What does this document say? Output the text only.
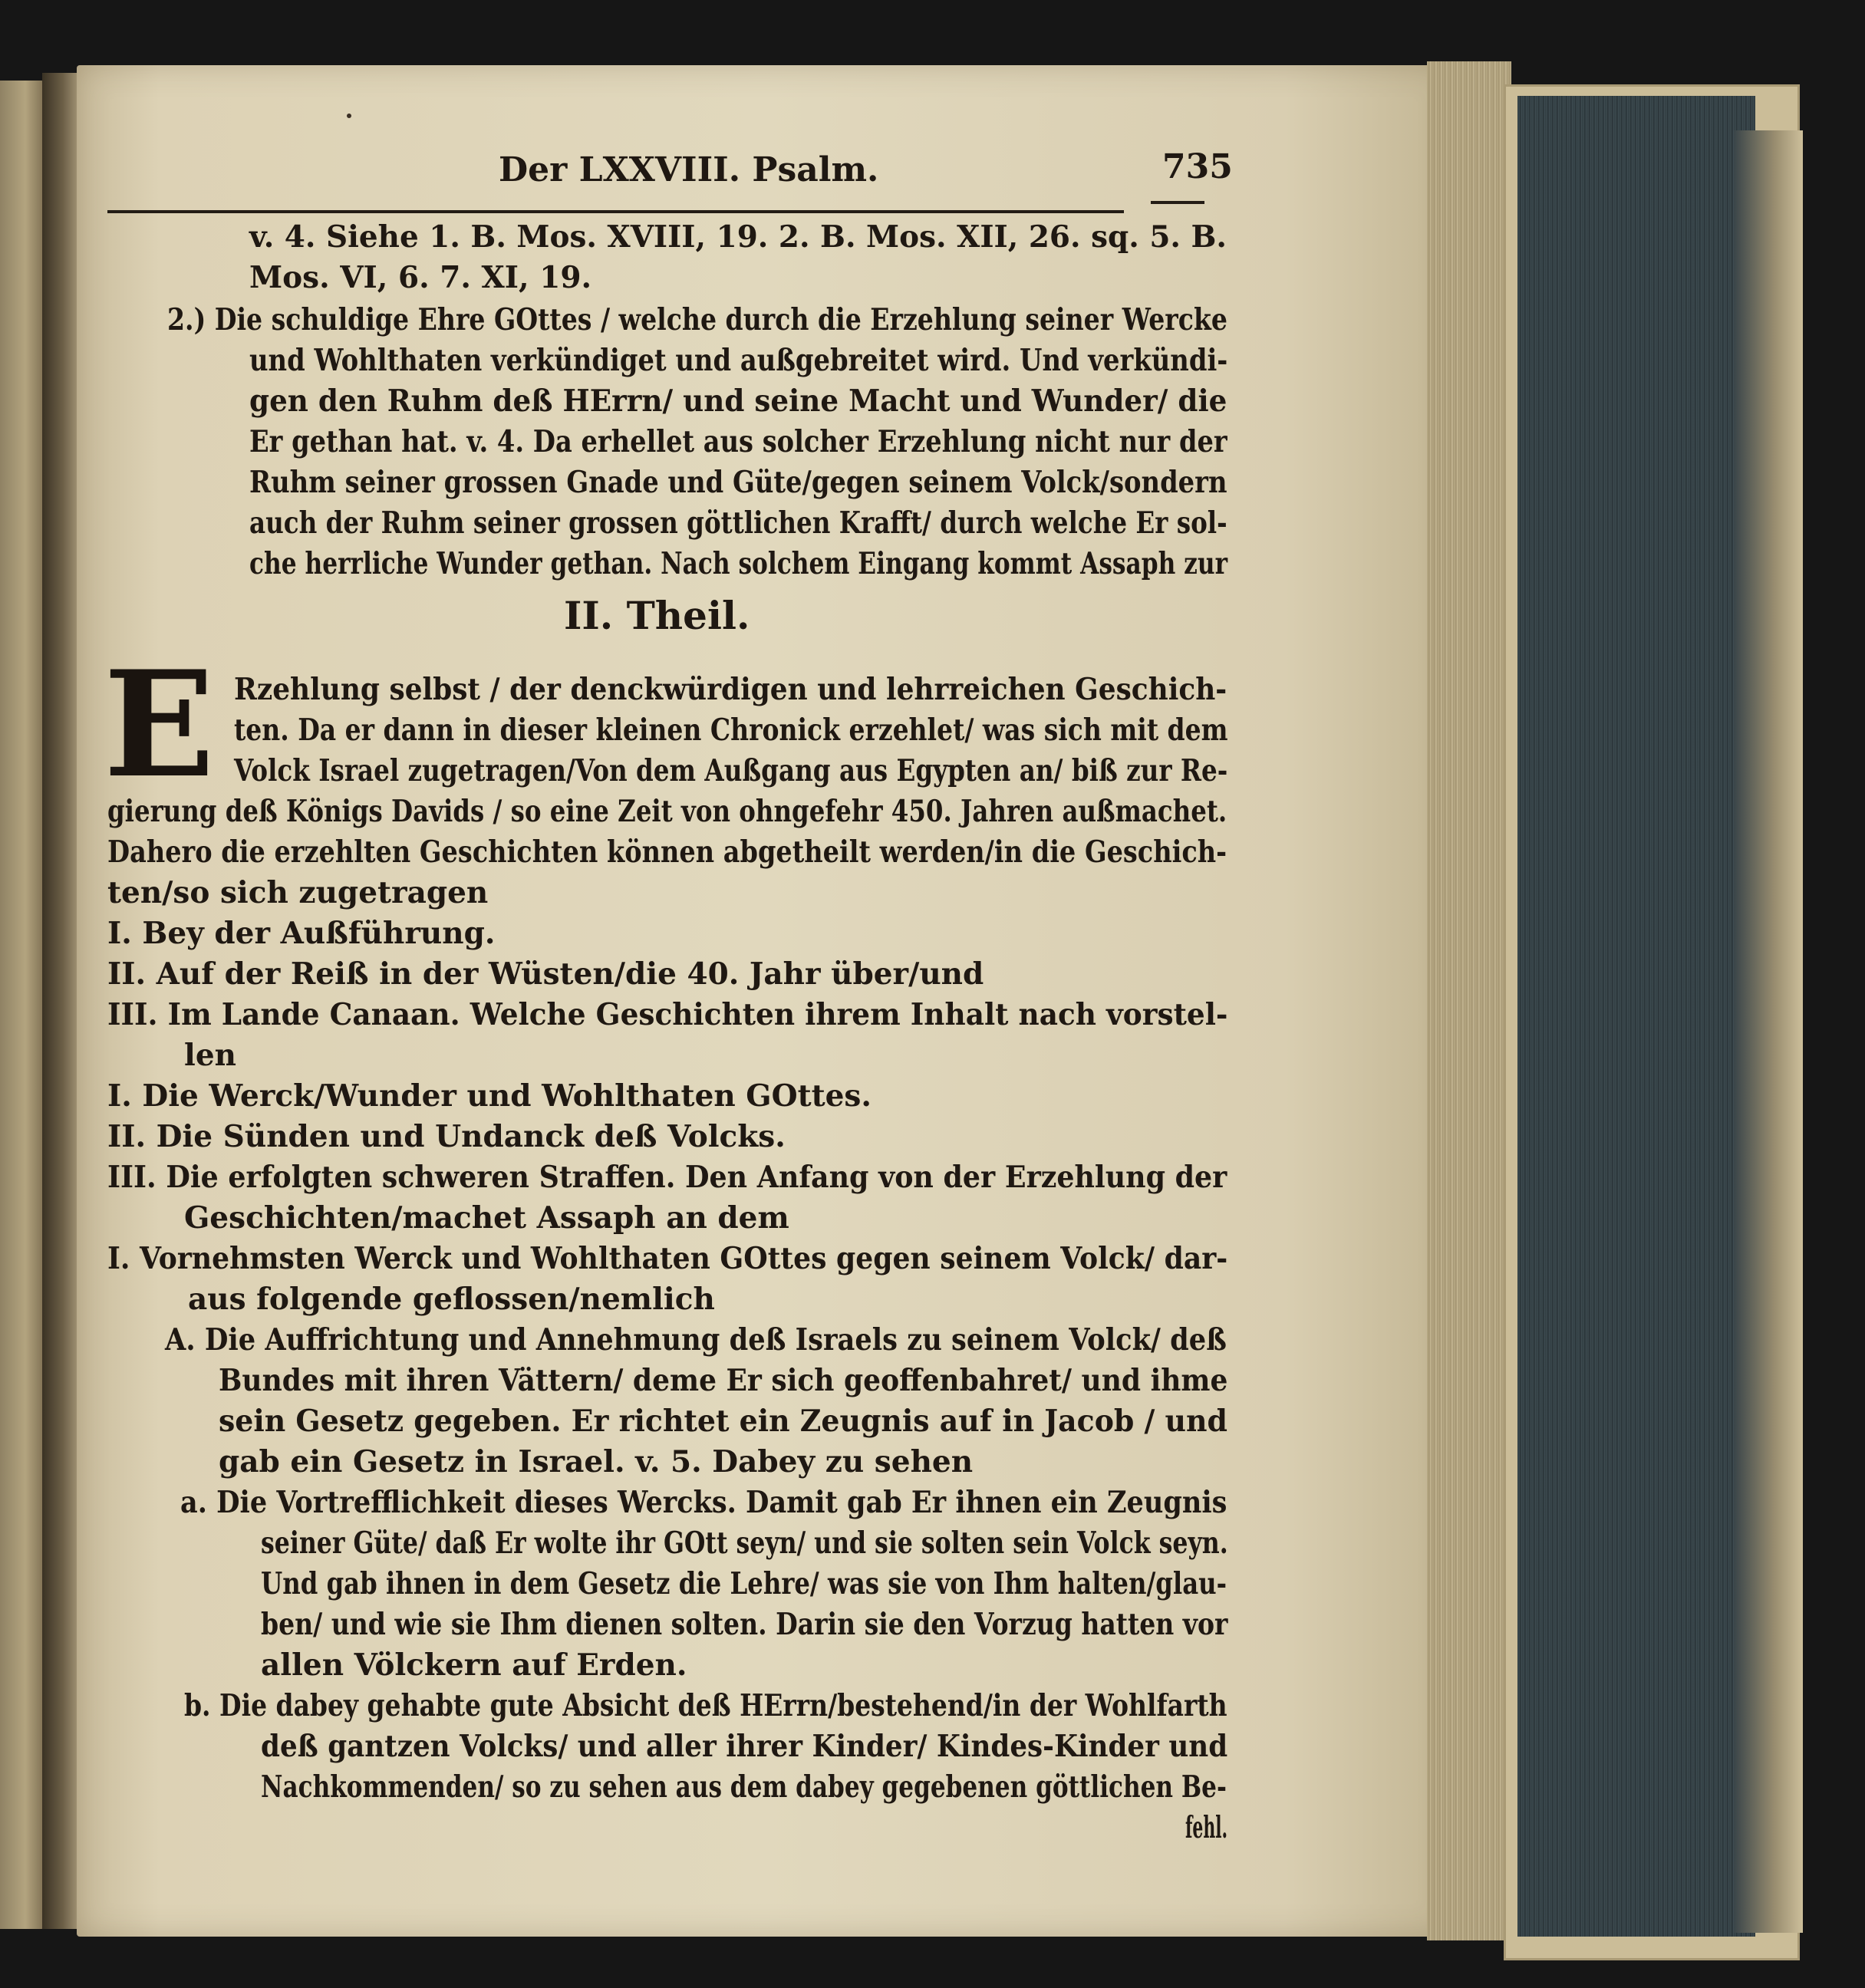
Der LXXVIII. Psalm.	735
v. 4. Siehe 1. B. Mos. XVIII, 19. 2. B. Mos. XII, 26. sq. 5. B.
Mos. VI, 6. 7. XI, 19.
2.) Die schuldige Ehre GOttes / welche durch die Erzehlung seiner Wercke
und Wohlthaten verkündiget und außgebreitet wird. Und verkündi-
gen den Ruhm deß HErrn/ und seine Macht und Wunder/ die
Er gethan hat. v. 4. Da erhellet aus solcher Erzehlung nicht nur der
Ruhm seiner grossen Gnade und Güte/gegen seinem Volck/sondern
auch der Ruhm seiner grossen göttlichen Krafft/ durch welche Er sol-
che herrliche Wunder gethan. Nach solchem Eingang kommt Assaph zur
II. Theil.
E Rzehlung selbst / der denckwürdigen und lehrreichen Geschich-
ten. Da er dann in dieser kleinen Chronick erzehlet/ was sich mit dem
Volck Israel zugetragen/Von dem Außgang aus Egypten an/ biß zur Re-
gierung deß Königs Davids / so eine Zeit von ohngefehr 450. Jahren außmachet.
Dahero die erzehlten Geschichten können abgetheilt werden/in die Geschich-
ten/so sich zugetragen
I. Bey der Außführung.
II. Auf der Reiß in der Wüsten/die 40. Jahr über/und
III. Im Lande Canaan. Welche Geschichten ihrem Inhalt nach vorstel-
len
I. Die Werck/Wunder und Wohlthaten GOttes.
II. Die Sünden und Undanck deß Volcks.
III. Die erfolgten schweren Straffen. Den Anfang von der Erzehlung der
Geschichten/machet Assaph an dem
I. Vornehmsten Werck und Wohlthaten GOttes gegen seinem Volck/ dar-
aus folgende geflossen/nemlich
A. Die Auffrichtung und Annehmung deß Israels zu seinem Volck/ deß
Bundes mit ihren Vättern/ deme Er sich geoffenbahret/ und ihme
sein Gesetz gegeben. Er richtet ein Zeugnis auf in Jacob / und
gab ein Gesetz in Israel. v. 5. Dabey zu sehen
a. Die Vortrefflichkeit dieses Wercks. Damit gab Er ihnen ein Zeugnis
seiner Güte/ daß Er wolte ihr GOtt seyn/ und sie solten sein Volck seyn.
Und gab ihnen in dem Gesetz die Lehre/ was sie von Ihm halten/glau-
ben/ und wie sie Ihm dienen solten. Darin sie den Vorzug hatten vor
allen Völckern auf Erden.
b. Die dabey gehabte gute Absicht deß HErrn/bestehend/in der Wohlfarth
deß gantzen Volcks/ und aller ihrer Kinder/ Kindes-Kinder und
Nachkommenden/ so zu sehen aus dem dabey gegebenen göttlichen Be-
fehl.
